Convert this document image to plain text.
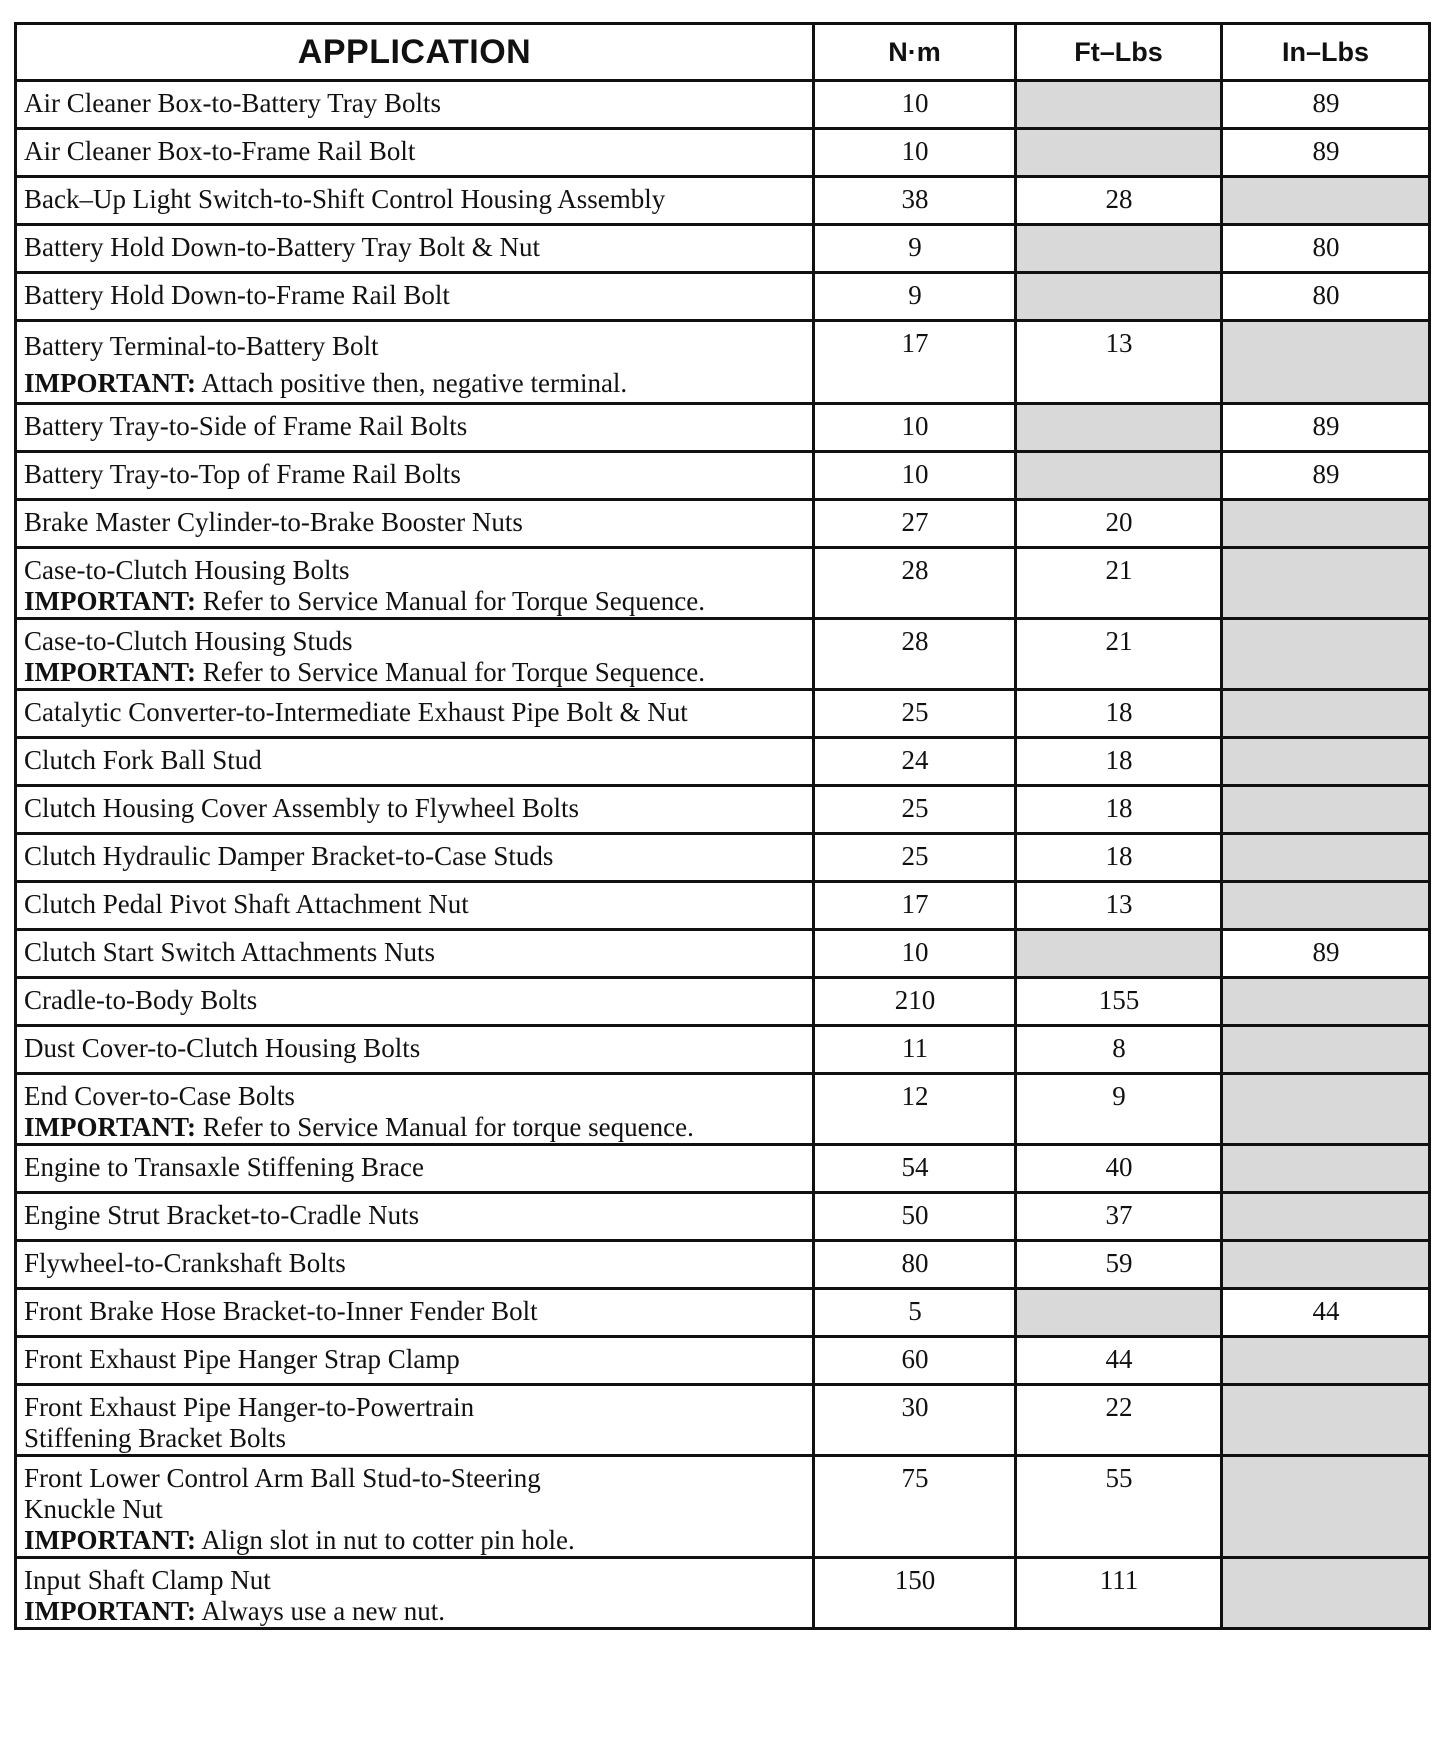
APPLICATION	N·m	Ft–Lbs	In–Lbs

Air Cleaner Box-to-Battery Tray Bolts	10		89

Air Cleaner Box-to-Frame Rail Bolt	10		89

Back–Up Light Switch-to-Shift Control Housing Assembly	38	28	

Battery Hold Down-to-Battery Tray Bolt & Nut	9		80

Battery Hold Down-to-Frame Rail Bolt	9		80

Battery Terminal-to-Battery Bolt
IMPORTANT: Attach positive then, negative terminal.	17	13	

Battery Tray-to-Side of Frame Rail Bolts	10		89

Battery Tray-to-Top of Frame Rail Bolts	10		89

Brake Master Cylinder-to-Brake Booster Nuts	27	20	

Case-to-Clutch Housing Bolts
IMPORTANT: Refer to Service Manual for Torque Sequence.	28	21	

Case-to-Clutch Housing Studs
IMPORTANT: Refer to Service Manual for Torque Sequence.	28	21	

Catalytic Converter-to-Intermediate Exhaust Pipe Bolt & Nut	25	18	

Clutch Fork Ball Stud	24	18	

Clutch Housing Cover Assembly to Flywheel Bolts	25	18	

Clutch Hydraulic Damper Bracket-to-Case Studs	25	18	

Clutch Pedal Pivot Shaft Attachment Nut	17	13	

Clutch Start Switch Attachments Nuts	10		89

Cradle-to-Body Bolts	210	155	

Dust Cover-to-Clutch Housing Bolts	11	8	

End Cover-to-Case Bolts
IMPORTANT: Refer to Service Manual for torque sequence.	12	9	

Engine to Transaxle Stiffening Brace	54	40	

Engine Strut Bracket-to-Cradle Nuts	50	37	

Flywheel-to-Crankshaft Bolts	80	59	

Front Brake Hose Bracket-to-Inner Fender Bolt	5		44

Front Exhaust Pipe Hanger Strap Clamp	60	44	

Front Exhaust Pipe Hanger-to-Powertrain
Stiffening Bracket Bolts	30	22	

Front Lower Control Arm Ball Stud-to-Steering
Knuckle Nut
IMPORTANT: Align slot in nut to cotter pin hole.	75	55	

Input Shaft Clamp Nut
IMPORTANT: Always use a new nut.	150	111	
